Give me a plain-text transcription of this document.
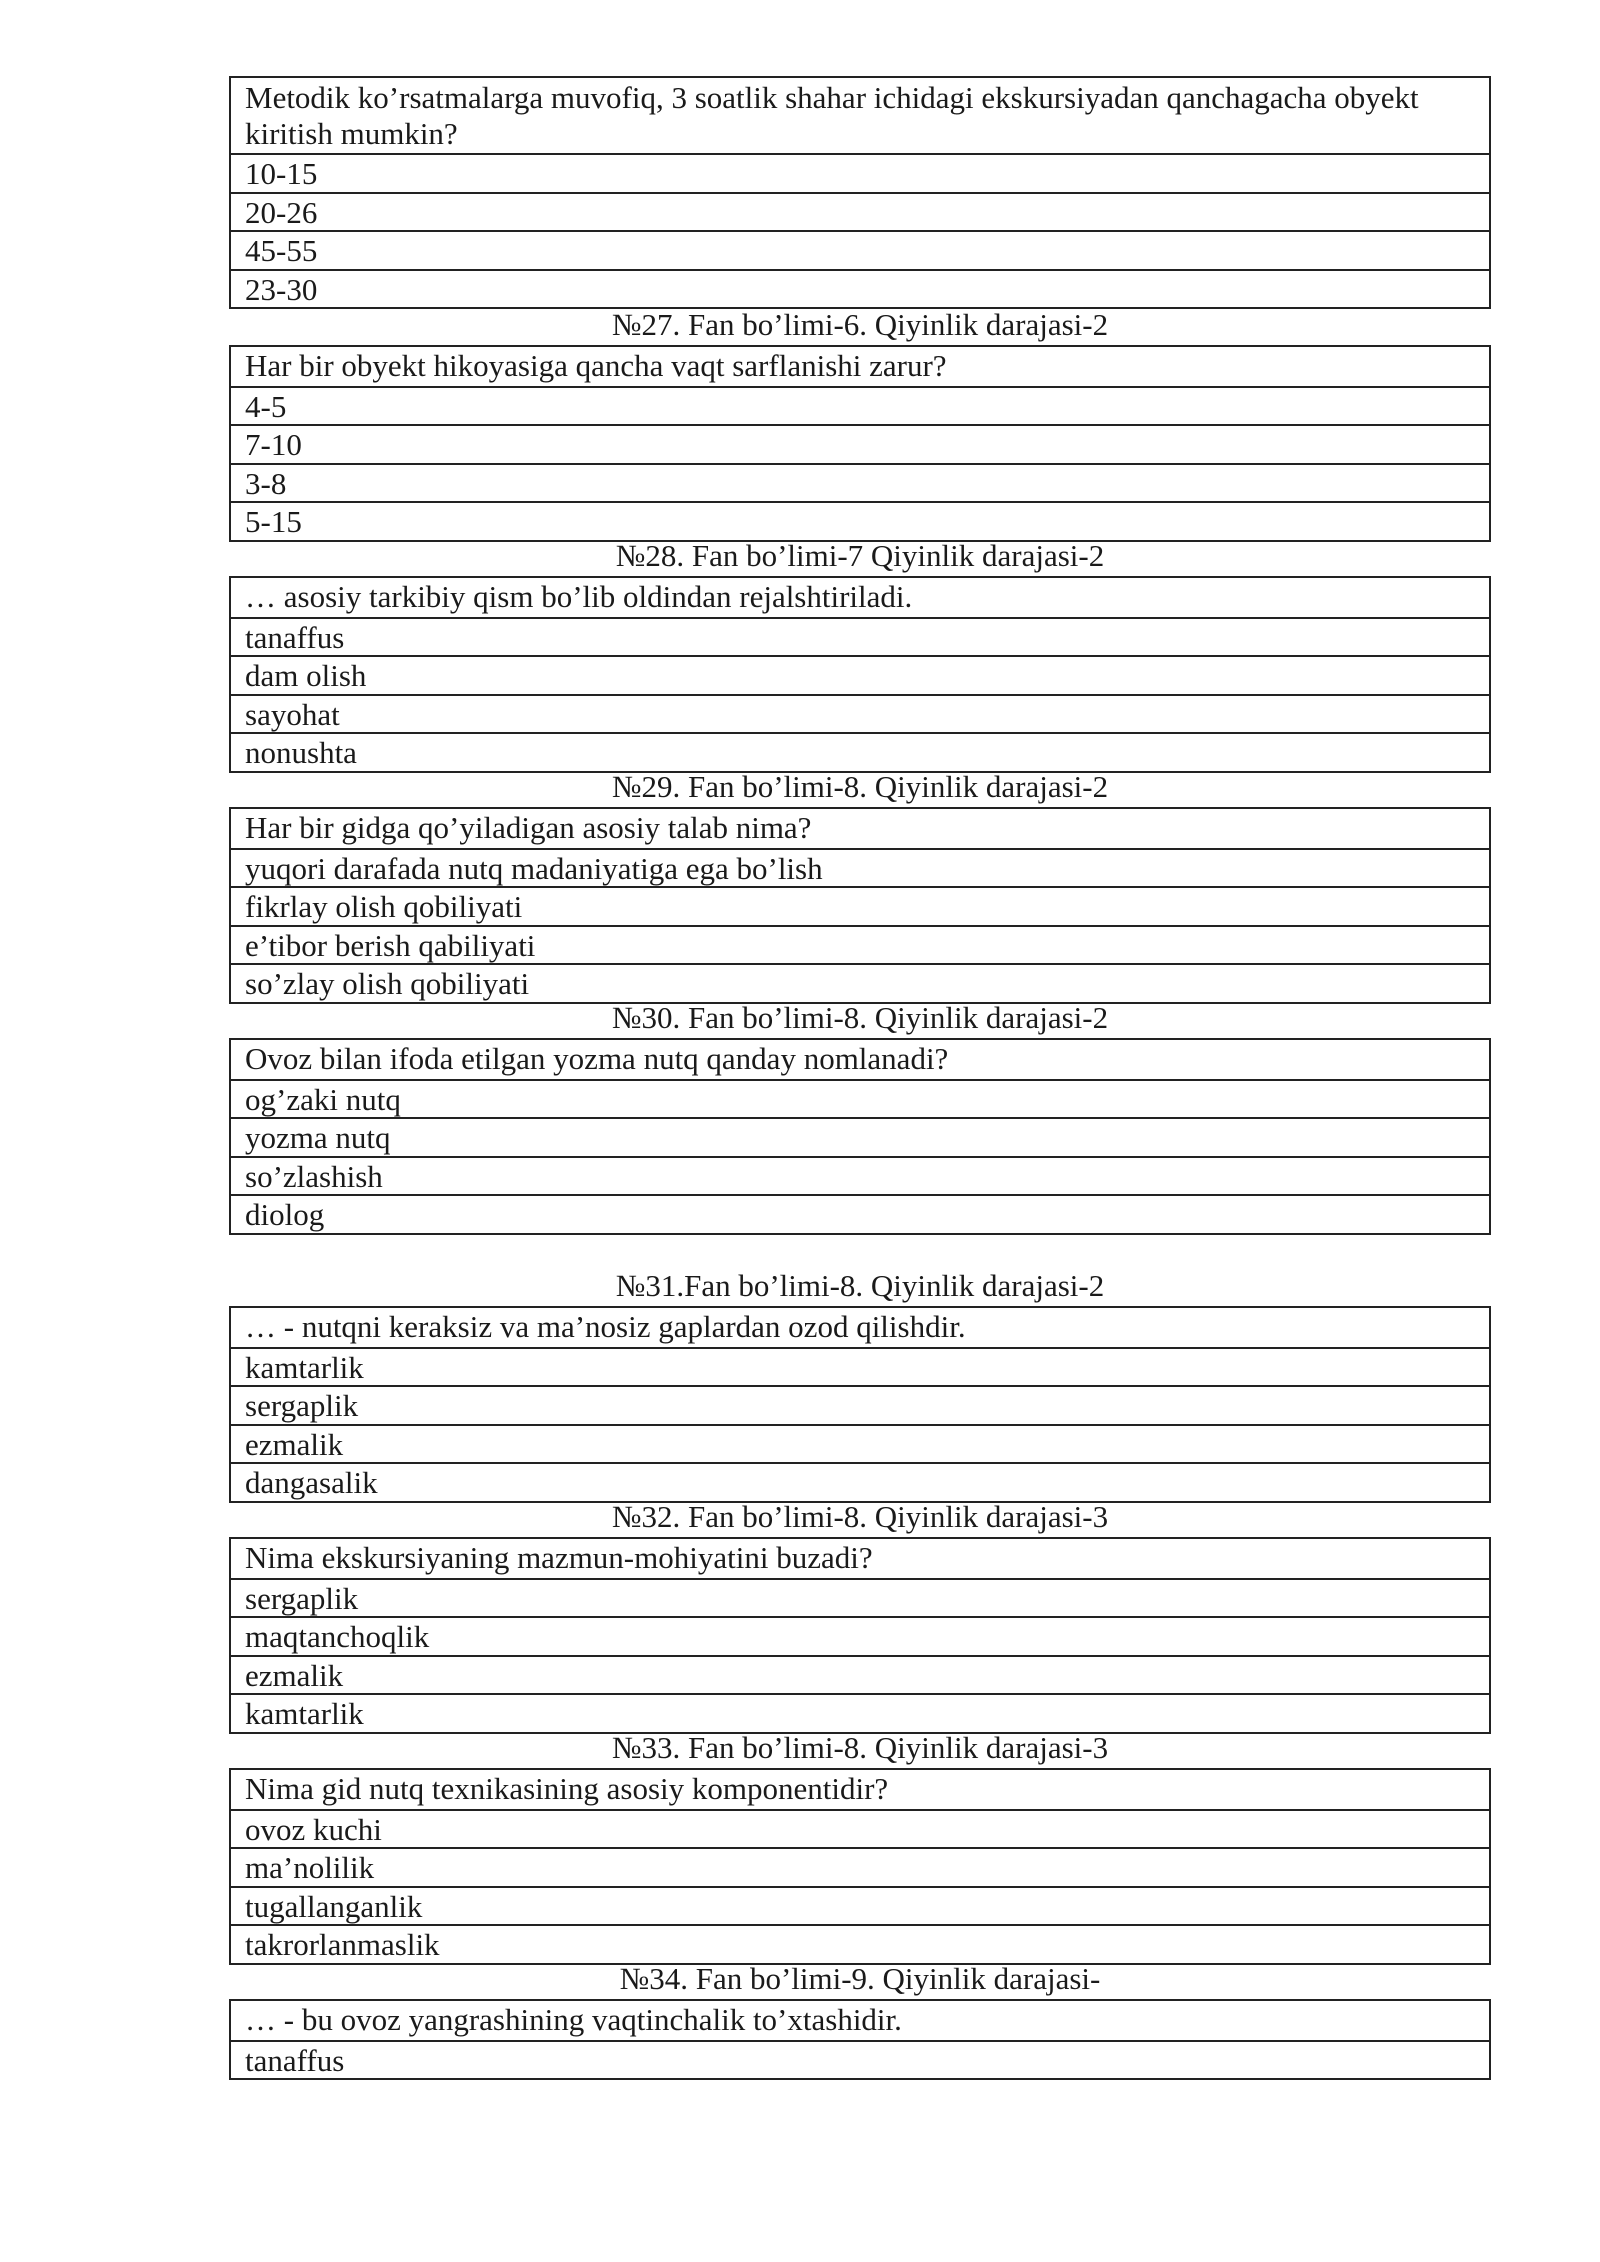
Metodik ko’rsatmalarga muvofiq, 3 soatlik shahar ichidagi ekskursiyadan qanchagacha obyekt kiritish mumkin?
10-15
20-26
45-55
23-30
№27. Fan bo’limi-6. Qiyinlik darajasi-2
Har bir obyekt hikoyasiga qancha vaqt sarflanishi zarur?
4-5
7-10
3-8
5-15
№28. Fan bo’limi-7 Qiyinlik darajasi-2
… asosiy tarkibiy qism bo’lib oldindan rejalshtiriladi.
tanaffus
dam olish
sayohat
nonushta
№29. Fan bo’limi-8. Qiyinlik darajasi-2
Har bir gidga qo’yiladigan asosiy talab nima?
yuqori darafada nutq madaniyatiga ega bo’lish
fikrlay olish qobiliyati
e’tibor berish qabiliyati
so’zlay olish qobiliyati
№30. Fan bo’limi-8. Qiyinlik darajasi-2
Ovoz bilan ifoda etilgan yozma nutq qanday nomlanadi?
og’zaki nutq
yozma nutq
so’zlashish
diolog
№31.Fan bo’limi-8. Qiyinlik darajasi-2
… - nutqni keraksiz va ma’nosiz gaplardan ozod qilishdir.
kamtarlik
sergaplik
ezmalik
dangasalik
№32. Fan bo’limi-8. Qiyinlik darajasi-3
Nima ekskursiyaning mazmun-mohiyatini buzadi?
sergaplik
maqtanchoqlik
ezmalik
kamtarlik
№33. Fan bo’limi-8. Qiyinlik darajasi-3
Nima gid nutq texnikasining asosiy komponentidir?
ovoz kuchi
ma’nolilik
tugallanganlik
takrorlanmaslik
№34. Fan bo’limi-9. Qiyinlik darajasi-
… - bu ovoz yangrashining vaqtinchalik to’xtashidir.
tanaffus
